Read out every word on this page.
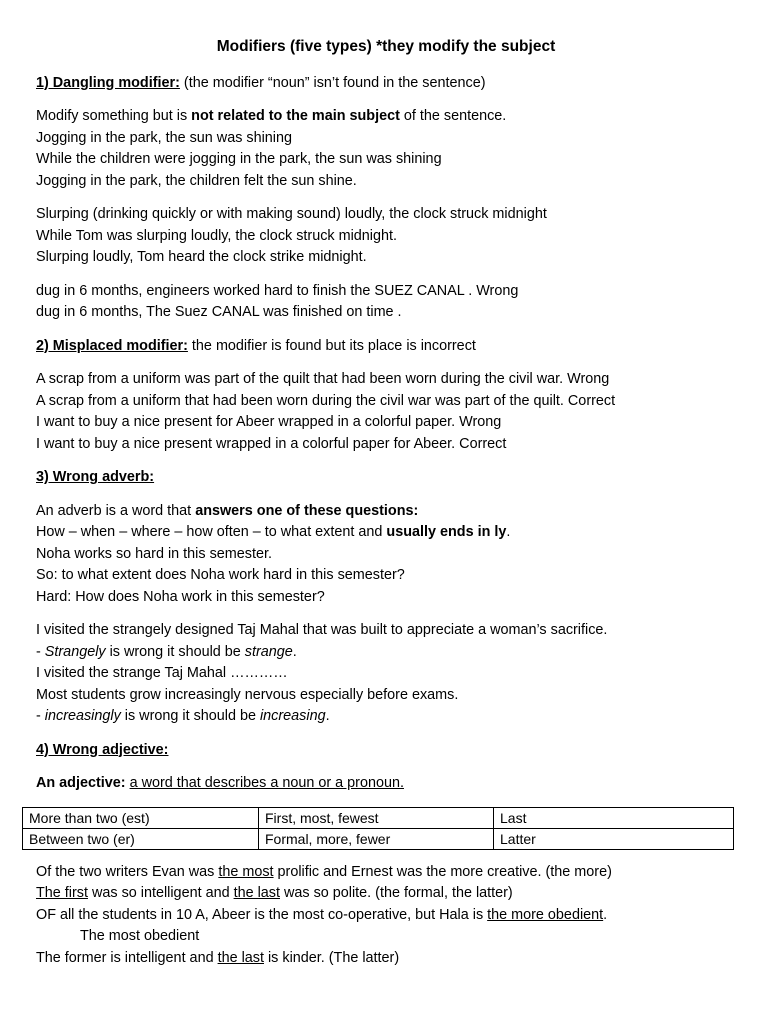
Modifiers (five types) *they modify the subject
1) Dangling modifier: (the modifier “noun” isn’t found in the sentence)
Modify something but is not related to the main subject of the sentence.
Jogging in the park, the sun was shining
While the children were jogging in the park, the sun was shining
Jogging in the park, the children felt the sun shine.
Slurping (drinking quickly or with making sound) loudly, the clock struck midnight
While Tom was slurping loudly, the clock struck midnight.
Slurping loudly, Tom heard the clock strike midnight.
dug in 6 months, engineers worked hard to finish the SUEZ CANAL . Wrong
dug in 6 months, The Suez CANAL was finished on time .
2) Misplaced modifier: the modifier is found but its place is incorrect
A scrap from a uniform was part of the quilt that had been worn during the civil war. Wrong
A scrap from a uniform that had been worn during the civil war was part of the quilt. Correct
I want to buy a nice present for Abeer wrapped in a colorful paper. Wrong
I want to buy a nice present wrapped in a colorful paper for Abeer. Correct
3) Wrong adverb:
An adverb is a word that answers one of these questions:
How – when – where – how often – to what extent and usually ends in ly.
Noha works so hard in this semester.
So: to what extent does Noha work hard in this semester?
Hard: How does Noha work in this semester?
I visited the strangely designed Taj Mahal that was built to appreciate a woman’s sacrifice.
- Strangely is wrong it should be strange.
I visited the strange Taj Mahal …………
Most students grow increasingly nervous especially before exams.
- increasingly is wrong it should be increasing.
4) Wrong adjective:
An adjective: a word that describes a noun or a pronoun.
More than two (est)	First, most, fewest	Last
Between two (er)	Formal, more, fewer	Latter
Of the two writers Evan was the most prolific and Ernest was the more creative. (the more)
The first was so intelligent and the last was so polite. (the formal, the latter)
OF all the students in 10 A, Abeer is the most co-operative, but Hala is the more obedient.
The most obedient
The former is intelligent and the last is kinder. (The latter)
